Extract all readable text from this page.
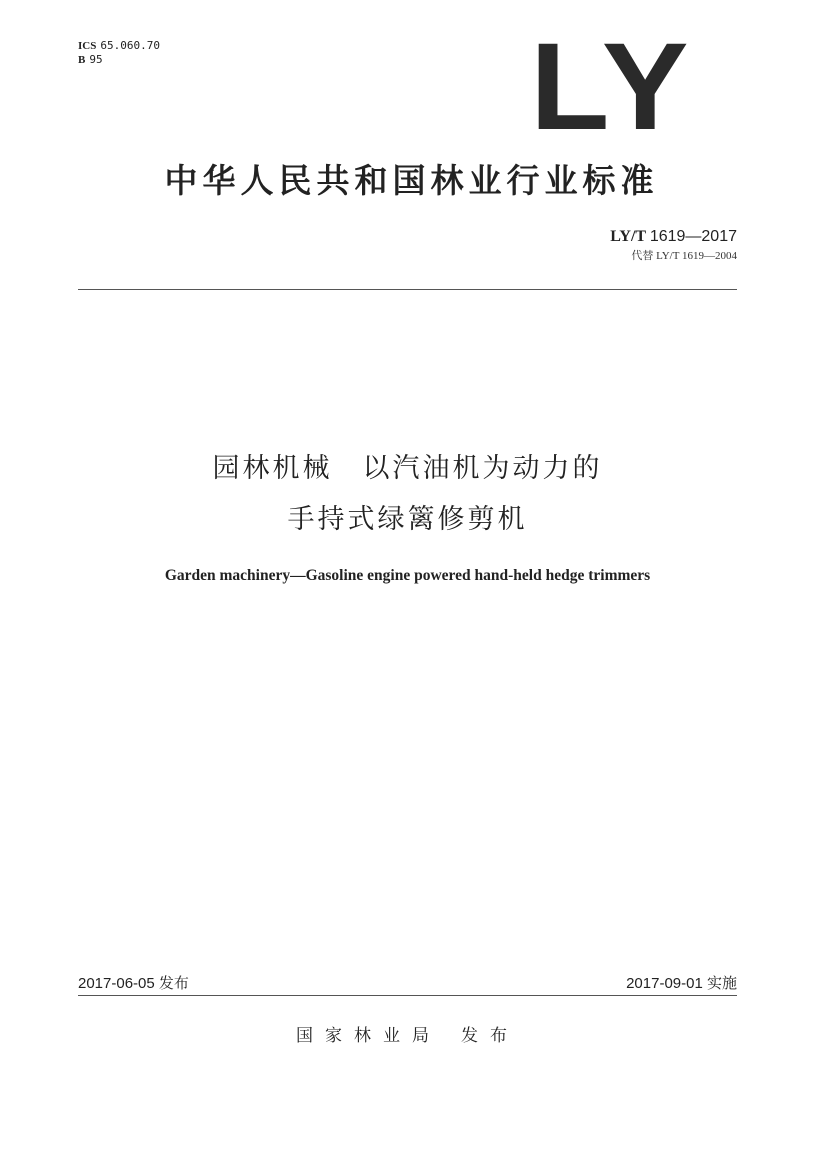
ICS 65.060.70
B 95	LY
中华人民共和国林业行业标准
LY/T 1619—2017
代替 LY/T 1619—2004
园林机械　以汽油机为动力的
手持式绿篱修剪机
Garden machinery—Gasoline engine powered hand-held hedge trimmers
2017-06-05 发布	2017-09-01 实施
国家林业局 发布
